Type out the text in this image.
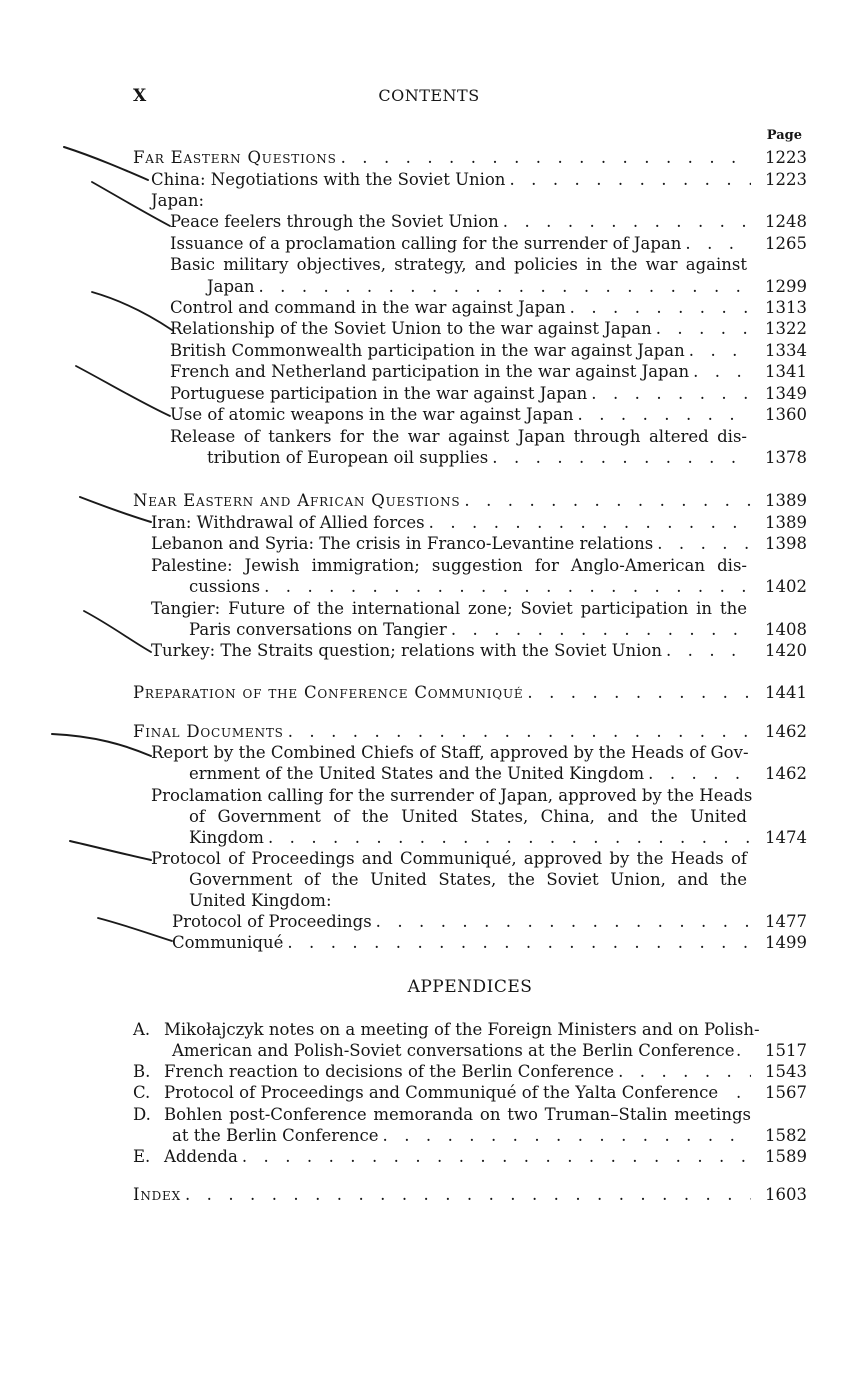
X	CONTENTS
Page
Far Eastern Questions . . .	1223
China: Negotiations with the Soviet Union . . .	1223
Japan:
Peace feelers through the Soviet Union . . .	1248
Issuance of a proclamation calling for the surrender of Japan . . .	1265
Basic military objectives, strategy, and policies in the war against
Japan . . .	1299
Control and command in the war against Japan . . .	1313
Relationship of the Soviet Union to the war against Japan . . .	1322
British Commonwealth participation in the war against Japan . . .	1334
French and Netherland participation in the war against Japan . . .	1341
Portuguese participation in the war against Japan . . .	1349
Use of atomic weapons in the war against Japan . . .	1360
Release of tankers for the war against Japan through altered dis-
tribution of European oil supplies . . .	1378
Near Eastern and African Questions . . .	1389
Iran: Withdrawal of Allied forces . . .	1389
Lebanon and Syria: The crisis in Franco-Levantine relations . . .	1398
Palestine: Jewish immigration; suggestion for Anglo-American dis-
cussions . . .	1402
Tangier: Future of the international zone; Soviet participation in the
Paris conversations on Tangier . . .	1408
Turkey: The Straits question; relations with the Soviet Union . . .	1420
Preparation of the Conference Communiqué . . .	1441
Final Documents . . .	1462
Report by the Combined Chiefs of Staff, approved by the Heads of Gov-
ernment of the United States and the United Kingdom . . .	1462
Proclamation calling for the surrender of Japan, approved by the Heads
of Government of the United States, China, and the United
Kingdom . . .	1474
Protocol of Proceedings and Communiqué, approved by the Heads of
Government of the United States, the Soviet Union, and the
United Kingdom:
Protocol of Proceedings . . .	1477
Communiqué . . .	1499
APPENDICES
A. Mikołajczyk notes on a meeting of the Foreign Ministers and on Polish-
American and Polish-Soviet conversations at the Berlin Conference . 1517
B. French reaction to decisions of the Berlin Conference . . .	1543
C. Protocol of Proceedings and Communiqué of the Yalta Conference . 1567
D. Bohlen post-Conference memoranda on two Truman–Stalin meetings
at the Berlin Conference . . .	1582
E. Addenda . . .	1589
Index . . .	1603
